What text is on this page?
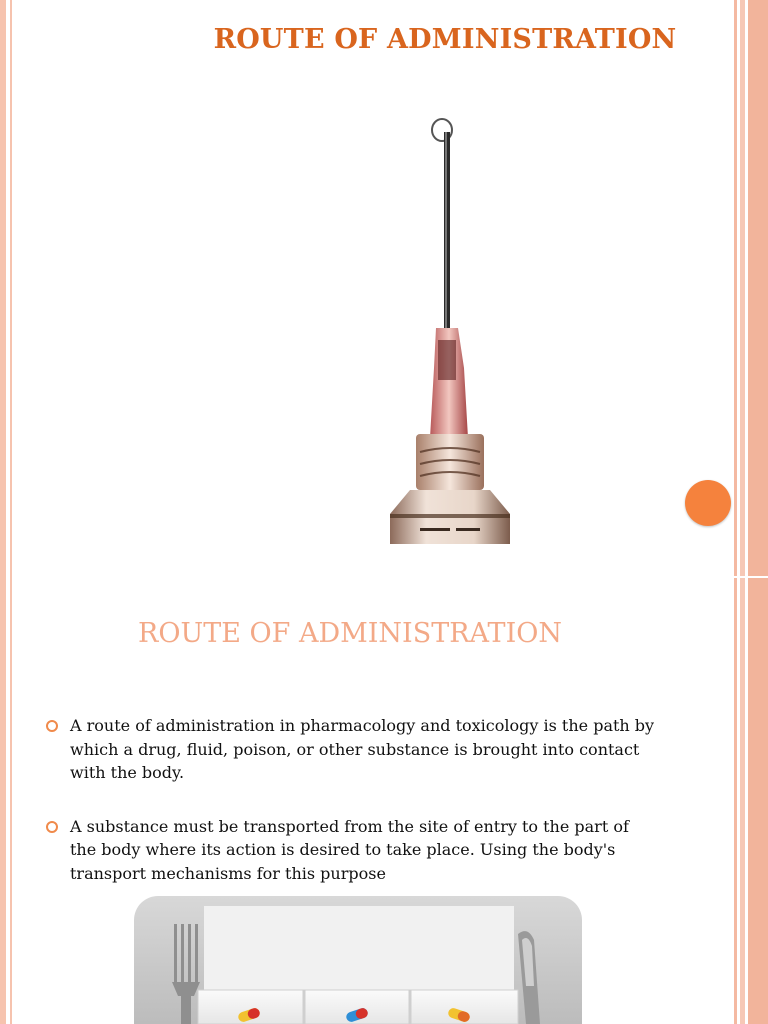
ROUTE OF ADMINISTRATION
ROUTE OF ADMINISTRATION
A route of administration in pharmacology and toxicology is the path by which a drug, fluid, poison, or other substance is brought into contact with the body.
A substance must be transported from the site of entry to the part of the body where its action is desired to take place. Using the body's transport mechanisms for this purpose
